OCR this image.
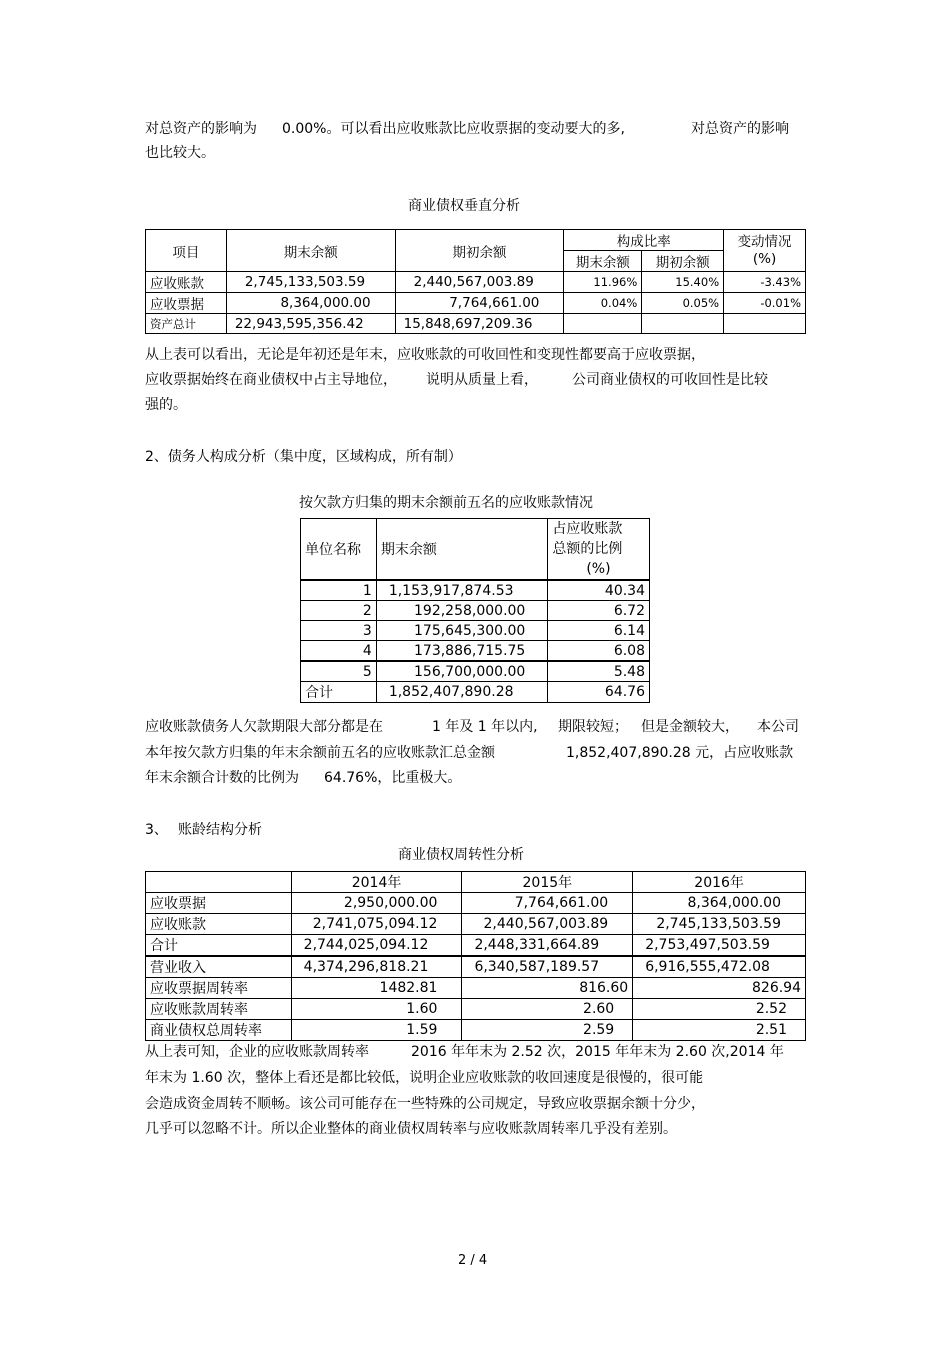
对总资产的影响为 0.00%。可以看出应收账款比应收票据的变动要大的多,	对总资产的影响
也比较大。
商业债权垂直分析
项目	期末余额	期初余额	构成比率		变动情况
(%)
			期末余额	期初余额	
应收账款	2,745,133,503.59	2,440,567,003.89	11.96%	15.40%	-3.43%
应收票据	8,364,000.00	7,764,661.00	0.04%	0.05%	-0.01%
资产总计	22,943,595,356.42	15,848,697,209.36			
从上表可以看出，无论是年初还是年末，应收账款的可收回性和变现性都要高于应收票据，
应收票据始终在商业债权中占主导地位， 说明从质量上看， 公司商业债权的可收回性是比较
强的。
2、债务人构成分析（集中度，区域构成，所有制）
按欠款方归集的期末余额前五名的应收账款情况
单位名称	期末余额	占应收账款
总额的比例
(%)
1	1,153,917,874.53	40.34
2	192,258,000.00	6.72
3	175,645,300.00	6.14
4	173,886,715.75	6.08
5	156,700,000.00	5.48
合计	1,852,407,890.28	64.76
应收账款债务人欠款期限大部分都是在	1 年及 1 年以内, 期限较短； 但是金额较大， 本公司
本年按欠款方归集的年末余额前五名的应收账款汇总金额	1,852,407,890.28 元，占应收账款
年末余额合计数的比例为 64.76%，比重极大。
3、 账龄结构分析
商业债权周转性分析
	2014年	2015年	2016年
应收票据	2,950,000.00	7,764,661.00	8,364,000.00
应收账款	2,741,075,094.12	2,440,567,003.89	2,745,133,503.59
合计	2,744,025,094.12	2,448,331,664.89	2,753,497,503.59
营业收入	4,374,296,818.21	6,340,587,189.57	6,916,555,472.08
应收票据周转率	1482.81	816.60	826.94
应收账款周转率	1.60	2.60	2.52
商业债权总周转率	1.59	2.59	2.51
从上表可知，企业的应收账款周转率	2016 年年末为 2.52 次，2015 年年末为 2.60 次,2014 年
年末为 1.60 次，整体上看还是都比较低，说明企业应收账款的收回速度是很慢的，很可能
会造成资金周转不顺畅。该公司可能存在一些特殊的公司规定，导致应收票据余额十分少，
几乎可以忽略不计。所以企业整体的商业债权周转率与应收账款周转率几乎没有差别。
2 / 4
